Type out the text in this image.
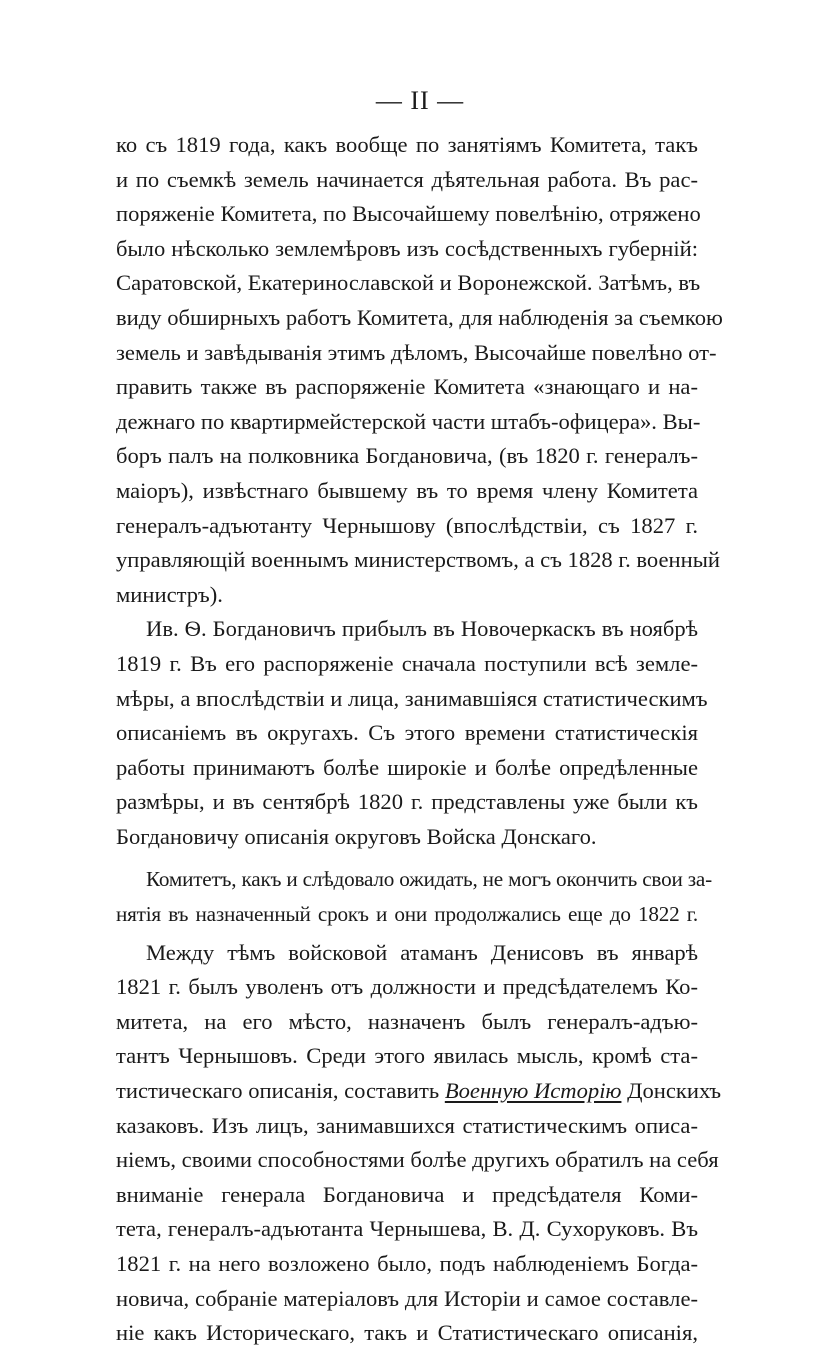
— II —
ко съ 1819 года, какъ вообще по занятіямъ Комитета, такъ
и по съемкѣ земель начинается дѣятельная работа. Въ рас-
поряженіе Комитета, по Высочайшему повелѣнію, отряжено
было нѣсколько землемѣровъ изъ сосѣдственныхъ губерній:
Саратовской, Екатеринославской и Воронежской. Затѣмъ, въ
виду обширныхъ работъ Комитета, для наблюденія за съемкою
земель и завѣдыванія этимъ дѣломъ, Высочайше повелѣно от-
править также въ распоряженіе Комитета «знающаго и на-
дежнаго по квартирмейстерской части штабъ-офицера». Вы-
боръ палъ на полковника Богдановича, (въ 1820 г. генералъ-
маіоръ), извѣстнаго бывшему въ то время члену Комитета
генералъ-адъютанту Чернышову (впослѣдствіи, съ 1827 г.
управляющій военнымъ министерствомъ, а съ 1828 г. военный
министръ).
Ив. Ѳ. Богдановичъ прибылъ въ Новочеркаскъ въ ноябрѣ
1819 г. Въ его распоряженіе сначала поступили всѣ земле-
мѣры, а впослѣдствіи и лица, занимавшіяся статистическимъ
описаніемъ въ округахъ. Съ этого времени статистическія
работы принимаютъ болѣе широкіе и болѣе опредѣленные
размѣры, и въ сентябрѣ 1820 г. представлены уже были къ
Богдановичу описанія округовъ Войска Донскаго.
Комитетъ, какъ и слѣдовало ожидать, не могъ окончить свои за-
нятія въ назначенный срокъ и они продолжались еще до 1822 г.
Между тѣмъ войсковой атаманъ Денисовъ въ январѣ
1821 г. былъ уволенъ отъ должности и предсѣдателемъ Ко-
митета, на его мѣсто, назначенъ былъ генералъ-адъю-
тантъ Чернышовъ. Среди этого явилась мысль, кромѣ ста-
тистическаго описанія, составить Военную Исторію Донскихъ
казаковъ. Изъ лицъ, занимавшихся статистическимъ описа-
ніемъ, своими способностями болѣе другихъ обратилъ на себя
вниманіе генерала Богдановича и предсѣдателя Коми-
тета, генералъ-адъютанта Чернышева, В. Д. Сухоруковъ. Въ
1821 г. на него возложено было, подъ наблюденіемъ Богда-
новича, собраніе матеріаловъ для Исторіи и самое составле-
ніе какъ Историческаго, такъ и Статистическаго описанія,
